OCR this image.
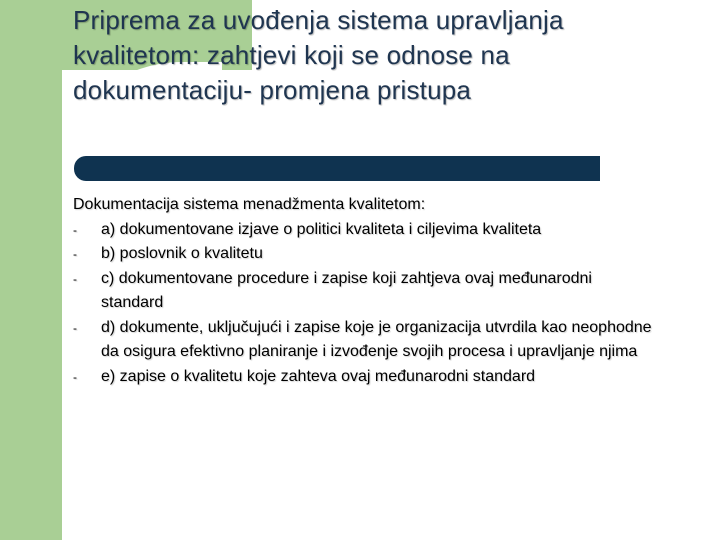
Priprema za uvođenja sistema upravljanja kvalitetom: zahtjevi koji se odnose na dokumentaciju- promjena pristupa

Dokumentacija sistema menadžmenta kvalitetom:

-	a) dokumentovane izjave o politici kvaliteta i ciljevima kvaliteta
-	b) poslovnik o kvalitetu
-	c) dokumentovane procedure i zapise koji zahtjeva ovaj međunarodni standard
-	d) dokumente, uključujući i zapise koje je organizacija utvrdila kao neophodne da osigura efektivno planiranje i izvođenje svojih procesa i upravljanje njima
-	e) zapise o kvalitetu koje zahteva ovaj međunarodni standard
